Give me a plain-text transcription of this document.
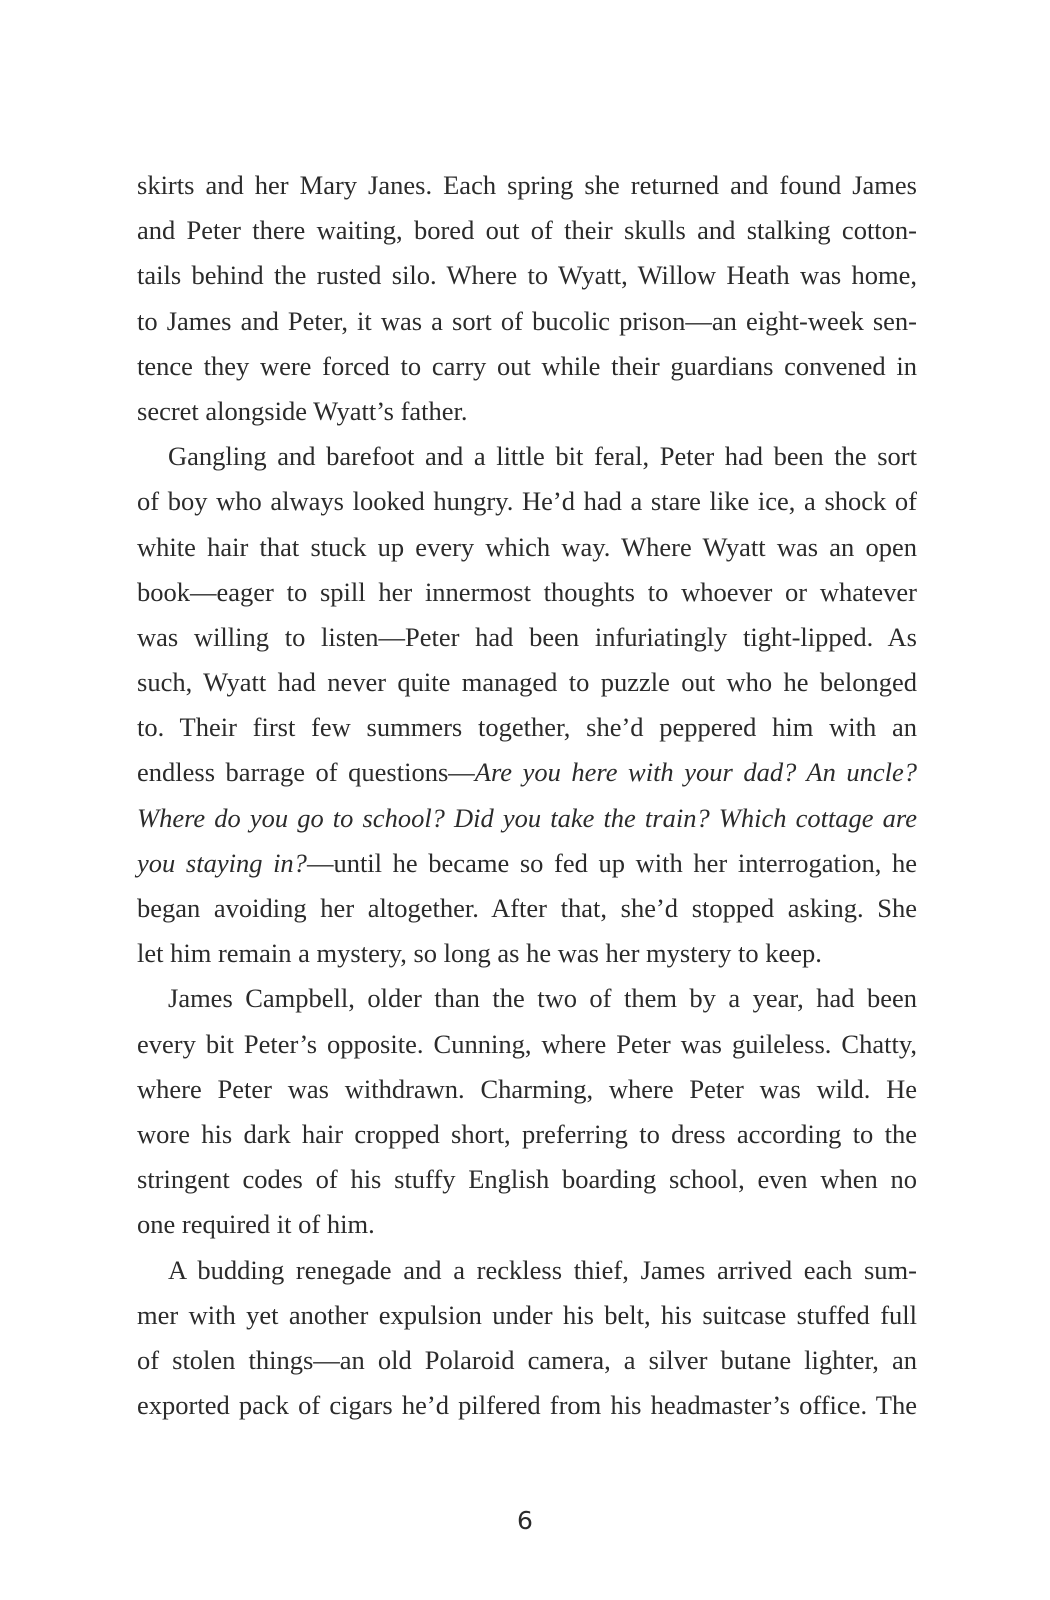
skirts and her Mary Janes. Each spring she returned and found James
and Peter there waiting, bored out of their skulls and stalking cotton-
tails behind the rusted silo. Where to Wyatt, Willow Heath was home,
to James and Peter, it was a sort of bucolic prison—an eight-week sen-
tence they were forced to carry out while their guardians convened in
secret alongside Wyatt’s father.
Gangling and barefoot and a little bit feral, Peter had been the sort
of boy who always looked hungry. He’d had a stare like ice, a shock of
white hair that stuck up every which way. Where Wyatt was an open
book—eager to spill her innermost thoughts to whoever or whatever
was willing to listen—Peter had been infuriatingly tight-lipped. As
such, Wyatt had never quite managed to puzzle out who he belonged
to. Their first few summers together, she’d peppered him with an
endless barrage of questions—Are you here with your dad? An uncle?
Where do you go to school? Did you take the train? Which cottage are
you staying in?—until he became so fed up with her interrogation, he
began avoiding her altogether. After that, she’d stopped asking. She
let him remain a mystery, so long as he was her mystery to keep.
James Campbell, older than the two of them by a year, had been
every bit Peter’s opposite. Cunning, where Peter was guileless. Chatty,
where Peter was withdrawn. Charming, where Peter was wild. He
wore his dark hair cropped short, preferring to dress according to the
stringent codes of his stuffy English boarding school, even when no
one required it of him.
A budding renegade and a reckless thief, James arrived each sum-
mer with yet another expulsion under his belt, his suitcase stuffed full
of stolen things—an old Polaroid camera, a silver butane lighter, an
exported pack of cigars he’d pilfered from his headmaster’s office. The
6
